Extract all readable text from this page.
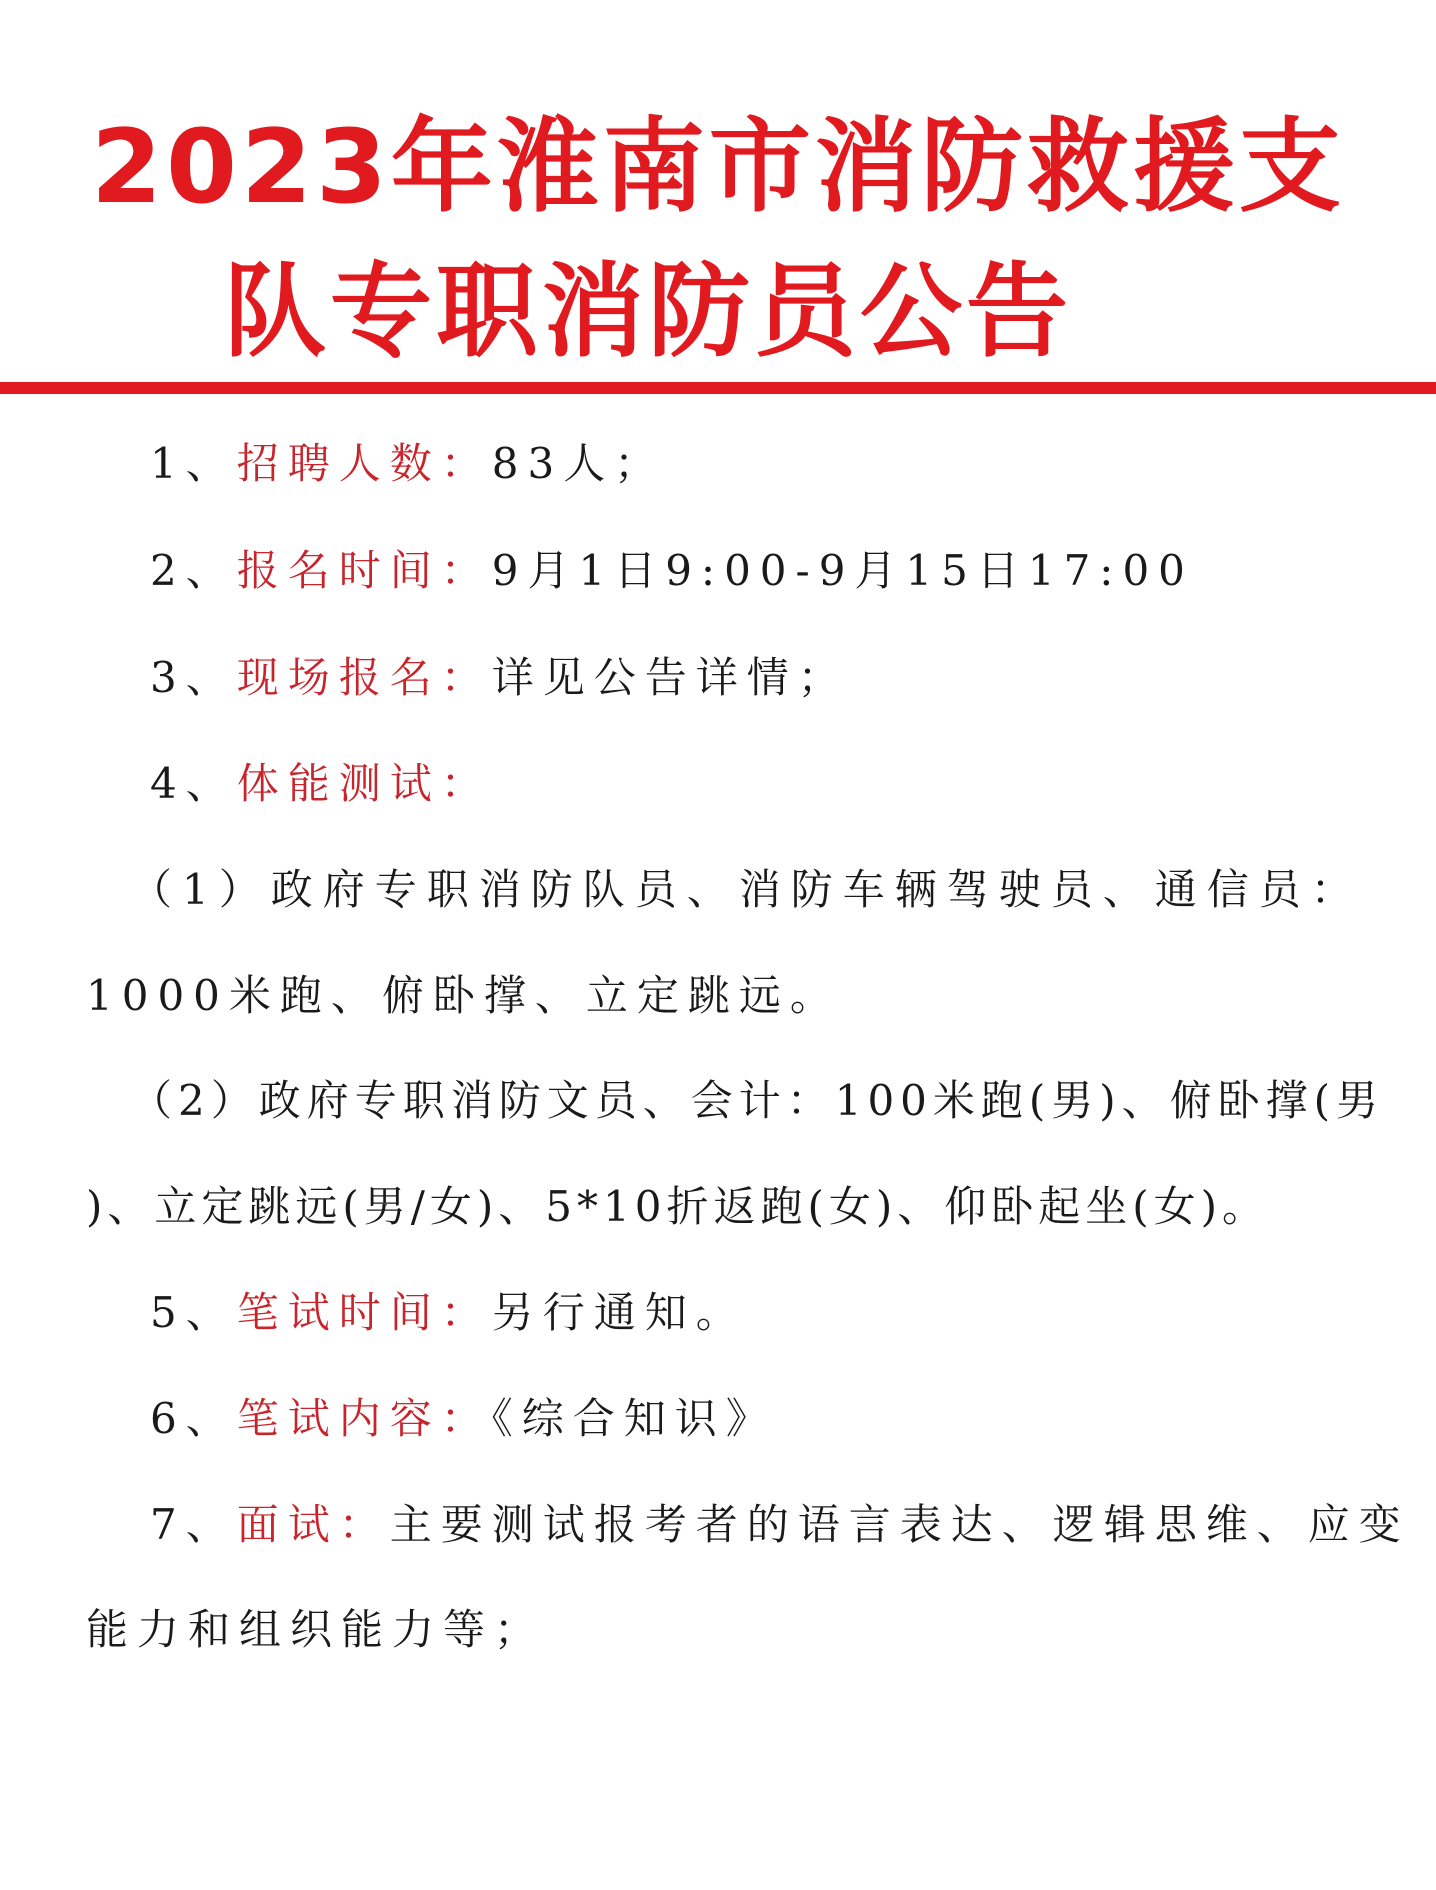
2023年淮南市消防救援支
队专职消防员公告
1、招聘人数：83人；
2、报名时间：9月1日9:00-9月15日17:00
3、现场报名：详见公告详情；
4、体能测试：
（1）政府专职消防队员、消防车辆驾驶员、通信员：
1000米跑、俯卧撑、立定跳远。
（2）政府专职消防文员、会计：100米跑(男)、俯卧撑(男
)、立定跳远(男/女)、5*10折返跑(女)、仰卧起坐(女)。
5、笔试时间：另行通知。
6、笔试内容：《综合知识》
7、面试：主要测试报考者的语言表达、逻辑思维、应变
能力和组织能力等；
